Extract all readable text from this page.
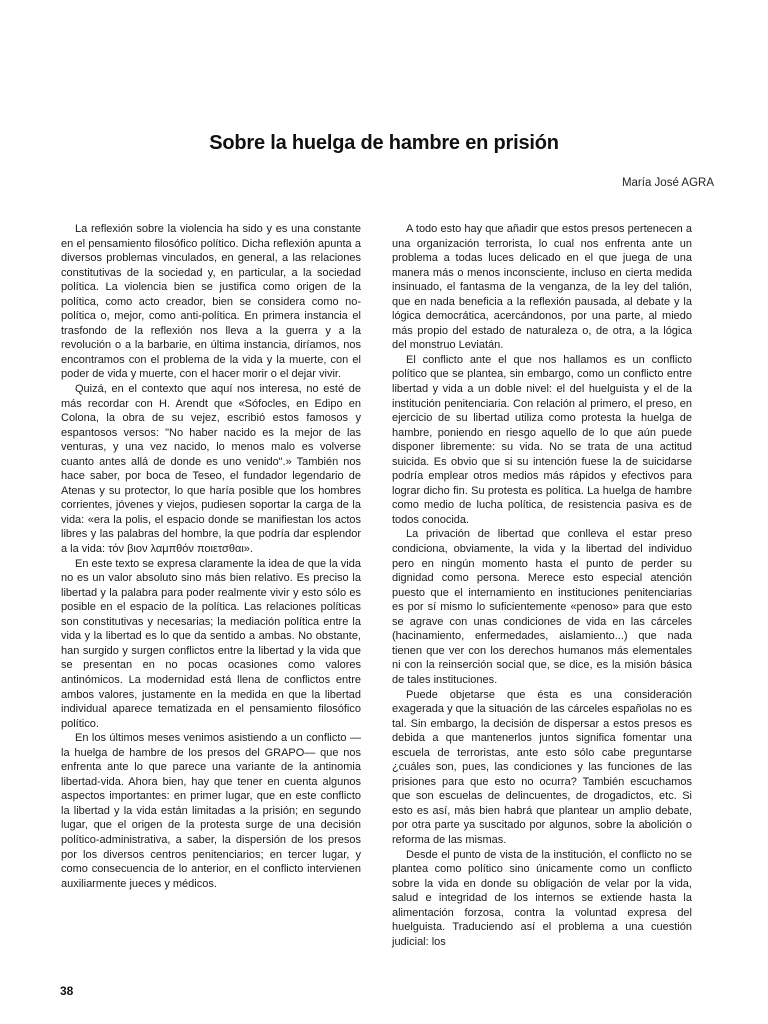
Sobre la huelga de hambre en prisión
María José AGRA

La reflexión sobre la violencia ha sido y es una constante en el pensamiento filosófico político. Dicha reflexión apunta a diversos problemas vinculados, en general, a las relaciones constitutivas de la sociedad y, en particular, a la sociedad política. La violencia bien se justifica como origen de la política, como acto creador, bien se considera como no-política o, mejor, como anti-política. En primera instancia el trasfondo de la reflexión nos lleva a la guerra y a la revolución o a la barbarie, en última instancia, diríamos, nos encontramos con el problema de la vida y la muerte, con el poder de vida y muerte, con el hacer morir o el dejar vivir.

Quizá, en el contexto que aquí nos interesa, no esté de más recordar con H. Arendt que «Sófocles, en Edipo en Colona, la obra de su vejez, escribió estos famosos y espantosos versos: "No haber nacido es la mejor de las venturas, y una vez nacido, lo menos malo es volverse cuanto antes allá de donde es uno venido".» También nos hace saber, por boca de Teseo, el fundador legendario de Atenas y su protector, lo que haría posible que los hombres corrientes, jóvenes y viejos, pudiesen soportar la carga de la vida: «era la polis, el espacio donde se manifiestan los actos libres y las palabras del hombre, la que podría dar esplendor a la vida: τόν βιον λαμπθόν ποιετσθαι».

En este texto se expresa claramente la idea de que la vida no es un valor absoluto sino más bien relativo. Es preciso la libertad y la palabra para poder realmente vivir y esto sólo es posible en el espacio de la política. Las relaciones políticas son constitutivas y necesarias; la mediación política entre la vida y la libertad es lo que da sentido a ambas. No obstante, han surgido y surgen conflictos entre la libertad y la vida que se presentan en no pocas ocasiones como valores antinómicos. La modernidad está llena de conflictos entre ambos valores, justamente en la medida en que la libertad individual aparece tematizada en el pensamiento filosófico político.

En los últimos meses venimos asistiendo a un conflicto —la huelga de hambre de los presos del GRAPO— que nos enfrenta ante lo que parece una variante de la antinomia libertad-vida. Ahora bien, hay que tener en cuenta algunos aspectos importantes: en primer lugar, que en este conflicto la libertad y la vida están limitadas a la prisión; en segundo lugar, que el origen de la protesta surge de una decisión político-administrativa, a saber, la dispersión de los presos por los diversos centros penitenciarios; en tercer lugar, y como consecuencia de lo anterior, en el conflicto intervienen auxiliarmente jueces y médicos.

A todo esto hay que añadir que estos presos pertenecen a una organización terrorista, lo cual nos enfrenta ante un problema a todas luces delicado en el que juega de una manera más o menos inconsciente, incluso en cierta medida insinuado, el fantasma de la venganza, de la ley del talión, que en nada beneficia a la reflexión pausada, al debate y la lógica democrática, acercándonos, por una parte, al miedo más propio del estado de naturaleza o, de otra, a la lógica del monstruo Leviatán.

El conflicto ante el que nos hallamos es un conflicto político que se plantea, sin embargo, como un conflicto entre libertad y vida a un doble nivel: el del huelguista y el de la institución penitenciaria. Con relación al primero, el preso, en ejercicio de su libertad utiliza como protesta la huelga de hambre, poniendo en riesgo aquello de lo que aún puede disponer libremente: su vida. No se trata de una actitud suicida. Es obvio que si su intención fuese la de suicidarse podría emplear otros medios más rápidos y efectivos para lograr dicho fin. Su protesta es política. La huelga de hambre como medio de lucha política, de resistencia pasiva es de todos conocida.

La privación de libertad que conlleva el estar preso condiciona, obviamente, la vida y la libertad del individuo pero en ningún momento hasta el punto de perder su dignidad como persona. Merece esto especial atención puesto que el internamiento en instituciones penitenciarias es por sí mismo lo suficientemente «penoso» para que esto se agrave con unas condiciones de vida en las cárceles (hacinamiento, enfermedades, aislamiento...) que nada tienen que ver con los derechos humanos más elementales ni con la reinserción social que, se dice, es la misión básica de tales instituciones.

Puede objetarse que ésta es una consideración exagerada y que la situación de las cárceles españolas no es tal. Sin embargo, la decisión de dispersar a estos presos es debida a que mantenerlos juntos significa fomentar una escuela de terroristas, ante esto sólo cabe preguntarse ¿cuáles son, pues, las condiciones y las funciones de las prisiones para que esto no ocurra? También escuchamos que son escuelas de delincuentes, de drogadictos, etc. Si esto es así, más bien habrá que plantear un amplio debate, por otra parte ya suscitado por algunos, sobre la abolición o reforma de las mismas.

Desde el punto de vista de la institución, el conflicto no se plantea como político sino únicamente como un conflicto sobre la vida en donde su obligación de velar por la vida, salud e integridad de los internos se extiende hasta la alimentación forzosa, contra la voluntad expresa del huelguista. Traduciendo así el problema a una cuestión judicial: los

38
